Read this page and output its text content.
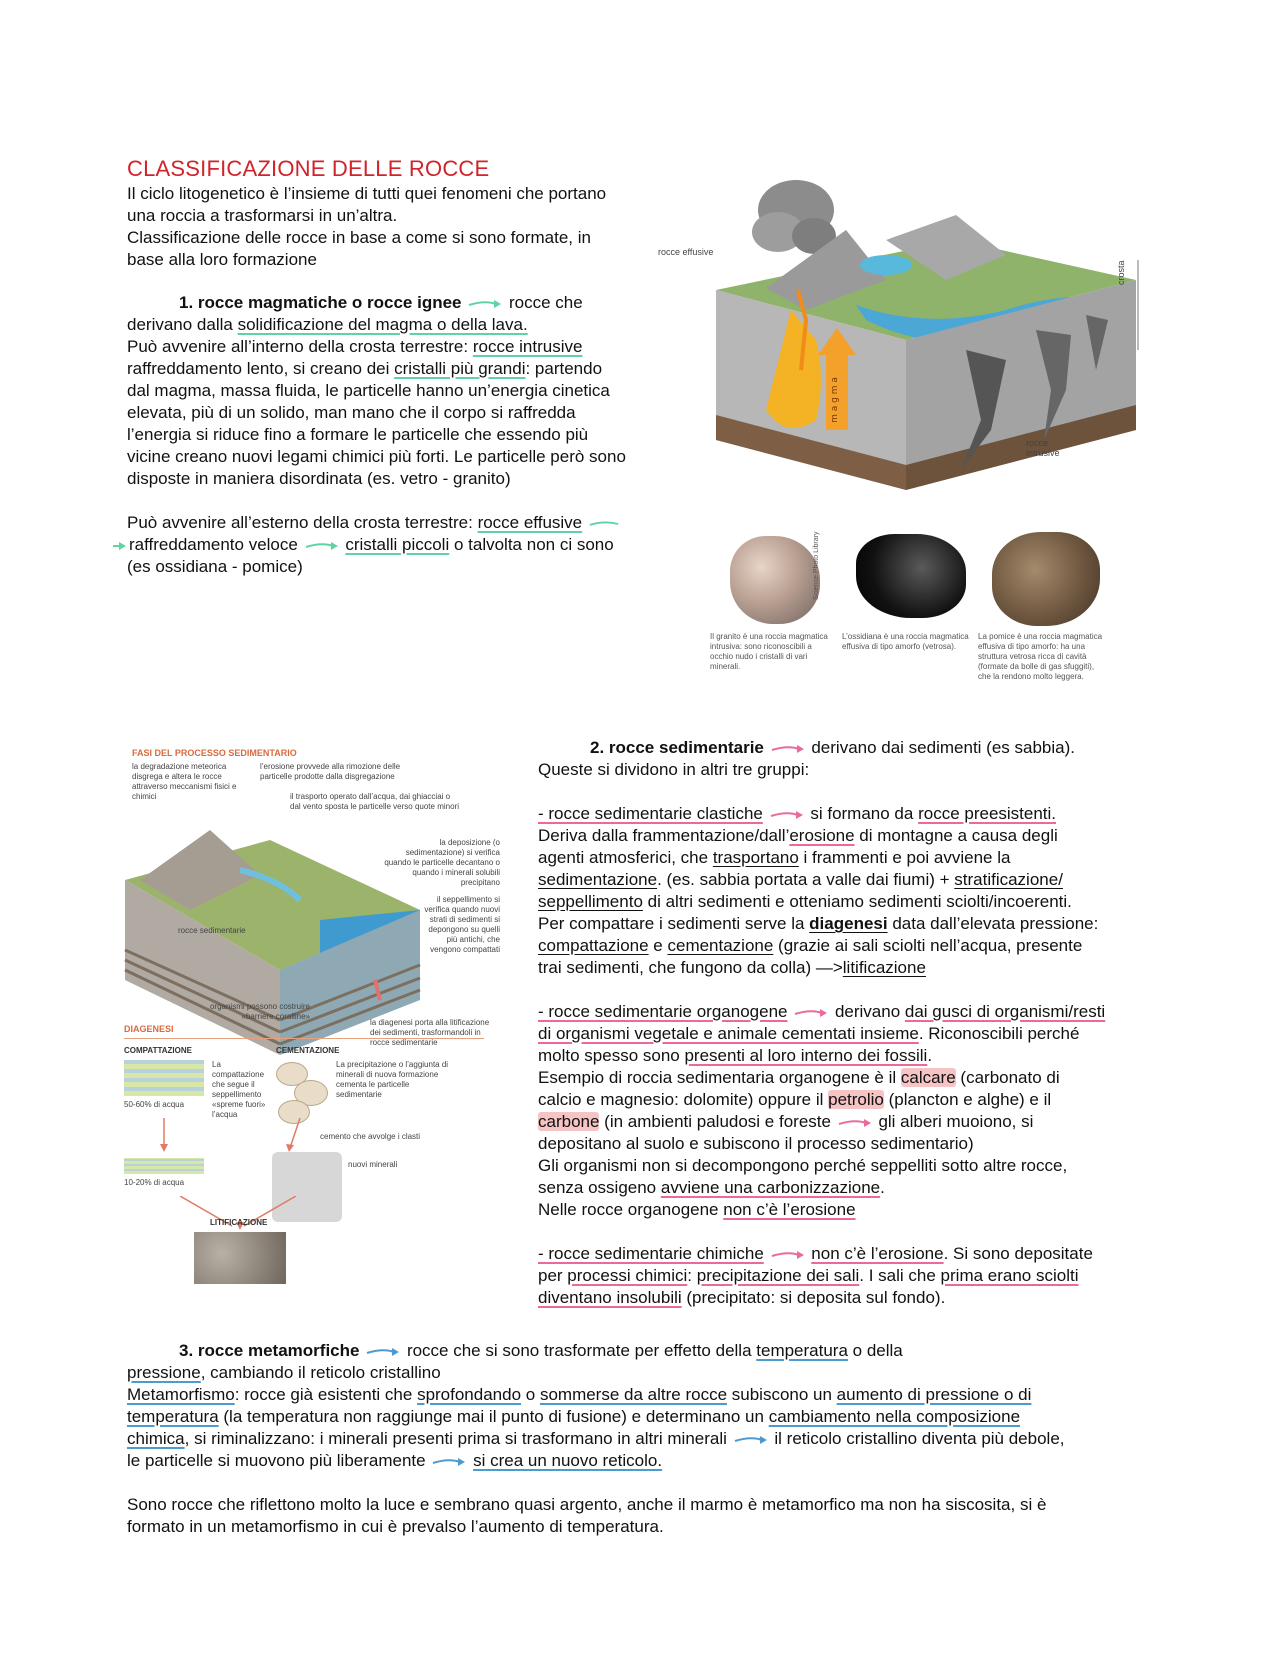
CLASSIFICAZIONE DELLE ROCCE

Il ciclo litogenetico è l’insieme di tutti quei fenomeni che portano

una roccia a trasformarsi in un’altra.

Classificazione delle rocce in base a come si sono formate, in

base alla loro formazione

1. rocce magmatiche o rocce ignee	rocce che

derivano dalla solidificazione del magma o della lava.

Può avvenire all’interno della crosta terrestre: rocce intrusive

raffreddamento lento, si creano dei cristalli più grandi: partendo

dal magma, massa fluida, le particelle hanno un’energia cinetica

elevata, più di un solido, man mano che il corpo si raffredda

l’energia si riduce fino a formare le particelle che essendo più

vicine creano nuovi legami chimici più forti. Le particelle però sono

disposte in maniera disordinata (es. vetro - granito)

Può avvenire all’esterno della crosta terrestre: rocce effusive

raffreddamento veloce	cristalli piccoli o talvolta non ci sono

(es ossidiana - pomice)

m a g m a
rocce effusive
crosta
rocce
intrusive
Science Photo Library
Il granito è una roccia magmatica intrusiva: sono riconoscibili a occhio nudo i cristalli di vari minerali.
L’ossidiana è una roccia magmatica effusiva di tipo amorfo (vetrosa).
La pomice è una roccia magmatica effusiva di tipo amorfo: ha una struttura vetrosa ricca di cavità (formate da bolle di gas sfuggiti), che la rendono molto leggera.
FASI DEL PROCESSO SEDIMENTARIO
la degradazione meteorica disgrega e altera le rocce attraverso meccanismi fisici e chimici
l’erosione provvede alla rimozione delle particelle prodotte dalla disgregazione
il trasporto operato dall’acqua, dai ghiacciai o dal vento sposta le particelle verso quote minori
la deposizione (o sedimentazione) si verifica quando le particelle decantano o quando i minerali solubili precipitano
il seppellimento si verifica quando nuovi strati di sedimenti si depongono su quelli più antichi, che vengono compattati
rocce sedimentarie
organismi possono costruire «barriere coralline»
la diagenesi porta alla litificazione dei sedimenti, trasformandoli in rocce sedimentarie
DIAGENESI
COMPATTAZIONE	CEMENTAZIONE
La compattazione che segue il seppellimento «spreme fuori» l’acqua
50-60% di acqua
La precipitazione o l’aggiunta di minerali di nuova formazione cementa le particelle sedimentarie
cemento che avvolge i clasti
10-20% di acqua
nuovi minerali
LITIFICAZIONE

2. rocce sedimentarie	derivano dai sedimenti (es sabbia).

Queste si dividono in altri tre gruppi:

- rocce sedimentarie clastiche	si formano da rocce preesistenti.

Deriva dalla frammentazione/dall’erosione di montagne a causa degli

agenti atmosferici, che trasportano i frammenti e poi avviene la

sedimentazione. (es. sabbia portata a valle dai fiumi) + stratificazione/

seppellimento di altri sedimenti e otteniamo sedimenti sciolti/incoerenti.

Per compattare i sedimenti serve la diagenesi data dall’elevata pressione:

compattazione e cementazione (grazie ai sali sciolti nell’acqua, presente

trai sedimenti, che fungono da colla) —>litificazione

- rocce sedimentarie organogene	derivano dai gusci di organismi/resti

di organismi vegetale e animale cementati insieme. Riconoscibili perché

molto spesso sono presenti al loro interno dei fossili.

Esempio di roccia sedimentaria organogene è il calcare (carbonato di

calcio e magnesio: dolomite) oppure il petrolio (plancton e alghe) e il

carbone (in ambienti paludosi e foreste	gli alberi muoiono, si

depositano al suolo e subiscono il processo sedimentario)

Gli organismi non si decompongono perché seppelliti sotto altre rocce,

senza ossigeno avviene una carbonizzazione.

Nelle rocce organogene non c’è l’erosione

- rocce sedimentarie chimiche	non c’è l’erosione. Si sono depositate

per processi chimici: precipitazione dei sali. I sali che prima erano sciolti

diventano insolubili (precipitato: si deposita sul fondo).

3. rocce metamorfiche	rocce che si sono trasformate per effetto della temperatura o della

pressione, cambiando il reticolo cristallino

Metamorfismo: rocce già esistenti che sprofondando o sommerse da altre rocce subiscono un aumento di pressione o di

temperatura (la temperatura non raggiunge mai il punto di fusione) e determinano un cambiamento nella composizione

chimica, si riminalizzano: i minerali presenti prima si trasformano in altri minerali	il reticolo cristallino diventa più debole,

le particelle si muovono più liberamente	si crea un nuovo reticolo.

Sono rocce che riflettono molto la luce e sembrano quasi argento, anche il marmo è metamorfico ma non ha siscosita, si è

formato in un metamorfismo in cui è prevalso l’aumento di temperatura.
